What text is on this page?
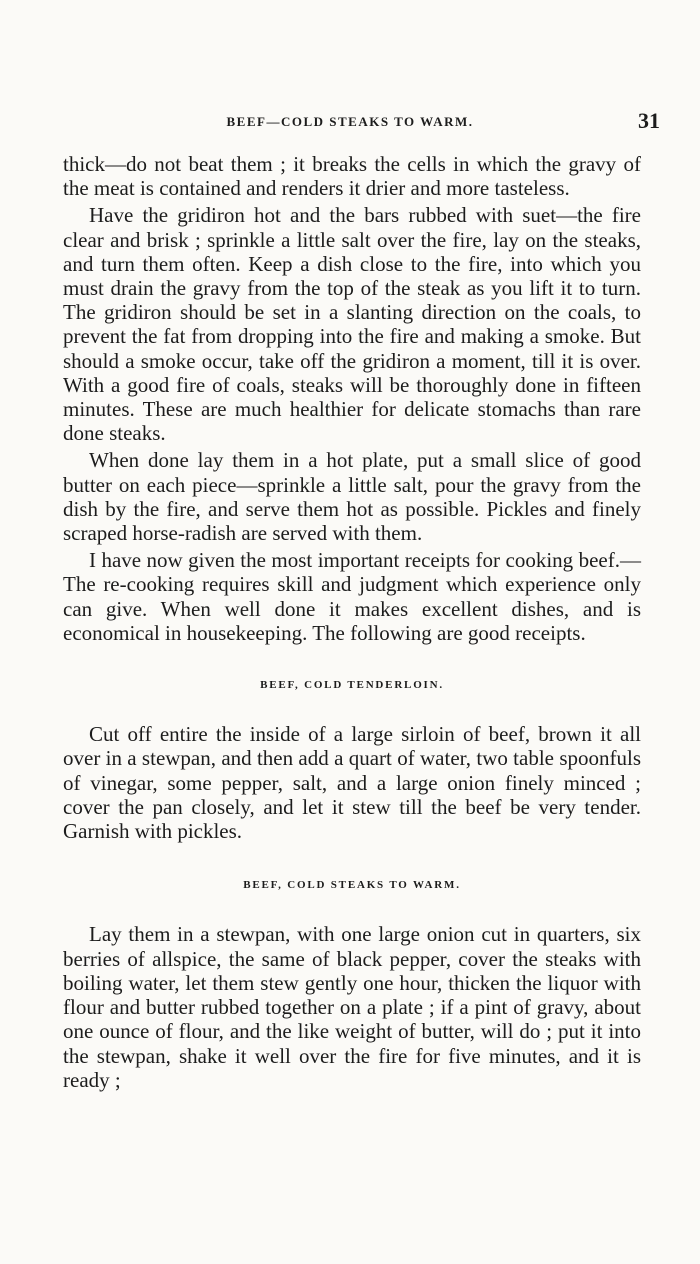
BEEF—COLD STEAKS TO WARM.	31

thick—do not beat them ; it breaks the cells in which the gravy of the meat is contained and renders it drier and more tasteless.

Have the gridiron hot and the bars rubbed with suet—the fire clear and brisk ; sprinkle a little salt over the fire, lay on the steaks, and turn them often. Keep a dish close to the fire, into which you must drain the gravy from the top of the steak as you lift it to turn. The gridiron should be set in a slanting direction on the coals, to prevent the fat from dropping into the fire and making a smoke. But should a smoke occur, take off the gridiron a moment, till it is over. With a good fire of coals, steaks will be thoroughly done in fifteen minutes. These are much healthier for delicate stomachs than rare done steaks.

When done lay them in a hot plate, put a small slice of good butter on each piece—sprinkle a little salt, pour the gravy from the dish by the fire, and serve them hot as possible. Pickles and finely scraped horse-radish are served with them.

I have now given the most important receipts for cooking beef.—The re-cooking requires skill and judgment which experience only can give. When well done it makes excellent dishes, and is economical in housekeeping. The following are good receipts.

BEEF, COLD TENDERLOIN.

Cut off entire the inside of a large sirloin of beef, brown it all over in a stewpan, and then add a quart of water, two table spoonfuls of vinegar, some pepper, salt, and a large onion finely minced ; cover the pan closely, and let it stew till the beef be very tender. Garnish with pickles.

BEEF, COLD STEAKS TO WARM.

Lay them in a stewpan, with one large onion cut in quarters, six berries of allspice, the same of black pepper, cover the steaks with boiling water, let them stew gently one hour, thicken the liquor with flour and butter rubbed together on a plate ; if a pint of gravy, about one ounce of flour, and the like weight of butter, will do ; put it into the stewpan, shake it well over the fire for five minutes, and it is ready ;
